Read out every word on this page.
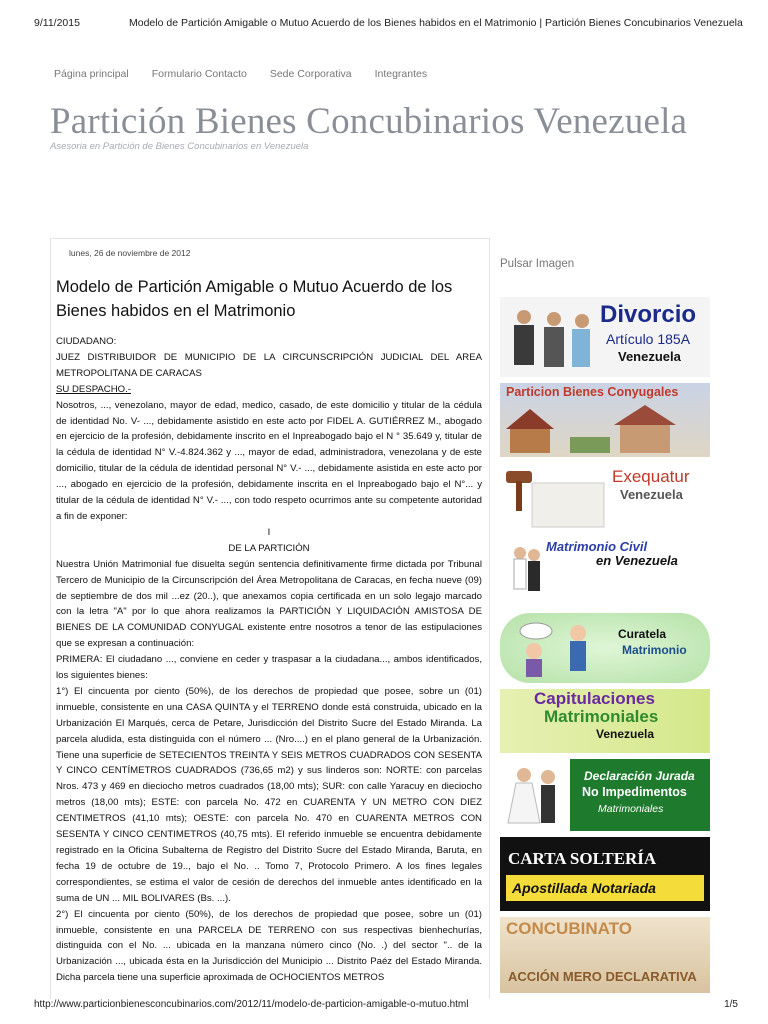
9/11/2015	Modelo de Partición Amigable o Mutuo Acuerdo de los Bienes habidos en el Matrimonio | Partición Bienes Concubinarios Venezuela
Página principal Formulario Contacto Sede Corporativa Integrantes
Partición Bienes Concubinarios Venezuela
Asesoria en Partición de Bienes Concubinarios en Venezuela
lunes, 26 de noviembre de 2012
Modelo de Partición Amigable o Mutuo Acuerdo de los Bienes habidos en el Matrimonio

CIUDADANO:

JUEZ DISTRIBUIDOR DE MUNICIPIO DE LA CIRCUNSCRIPCIÓN JUDICIAL DEL AREA METROPOLITANA DE CARACAS

SU DESPACHO.-

Nosotros, ..., venezolano, mayor de edad, medico, casado, de este domicilio y titular de la cédula de identidad No. V- ..., debidamente asistido en este acto por FIDEL A. GUTIÉRREZ M., abogado en ejercicio de la profesión, debidamente inscrito en el Inpreabogado bajo el N ° 35.649 y, titular de la cédula de identidad N° V.-4.824.362 y ..., mayor de edad, administradora, venezolana y de este domicilio, titular de la cédula de identidad personal N° V.- ..., debidamente asistida en este acto por ..., abogado en ejercicio de la profesión, debidamente inscrita en el Inpreabogado bajo el N°... y titular de la cédula de identidad N° V.- ..., con todo respeto ocurrimos ante su competente autoridad a fin de exponer:

I

DE LA PARTICIÓN

Nuestra Unión Matrimonial fue disuelta según sentencia definitivamente firme dictada por Tribunal Tercero de Municipio de la Circunscripción del Área Metropolitana de Caracas, en fecha nueve (09) de septiembre de dos mil ...ez (20..), que anexamos copia certificada en un solo legajo marcado con la letra "A" por lo que ahora realizamos la PARTICIÓN Y LIQUIDACIÓN AMISTOSA DE BIENES DE LA COMUNIDAD CONYUGAL existente entre nosotros a tenor de las estipulaciones que se expresan a continuación:

PRIMERA: El ciudadano ..., conviene en ceder y traspasar a la ciudadana..., ambos identificados, los siguientes bienes:

1°) El cincuenta por ciento (50%), de los derechos de propiedad que posee, sobre un (01) inmueble, consistente en una CASA QUINTA y el TERRENO donde está construida, ubicado en la Urbanización El Marqués, cerca de Petare, Jurisdicción del Distrito Sucre del Estado Miranda. La parcela aludida, esta distinguida con el número ... (Nro....) en el plano general de la Urbanización. Tiene una superficie de SETECIENTOS TREINTA Y SEIS METROS CUADRADOS CON SESENTA Y CINCO CENTÍMETROS CUADRADOS (736,65 m2) y sus linderos son: NORTE: con parcelas Nros. 473 y 469 en dieciocho metros cuadrados (18,00 mts); SUR: con calle Yaracuy en dieciocho metros (18,00 mts); ESTE: con parcela No. 472 en CUARENTA Y UN METRO CON DIEZ CENTIMETROS (41,10 mts); OESTE: con parcela No. 470 en CUARENTA METROS CON SESENTA Y CINCO CENTIMETROS (40,75 mts). El referido inmueble se encuentra debidamente registrado en la Oficina Subalterna de Registro del Distrito Sucre del Estado Miranda, Baruta, en fecha 19 de octubre de 19.., bajo el No. .. Tomo 7, Protocolo Primero. A los fines legales correspondientes, se estima el valor de cesión de derechos del inmueble antes identificado en la suma de UN ... MIL BOLIVARES (Bs. ...).

2°) El cincuenta por ciento (50%), de los derechos de propiedad que posee, sobre un (01) inmueble, consistente en una PARCELA DE TERRENO con sus respectivas bienhechurías, distinguida con el No. ... ubicada en la manzana número cinco (No. .) del sector ".. de la Urbanización ..., ubicada ésta en la Jurisdicción del Municipio ... Distrito Paéz del Estado Miranda. Dicha parcela tiene una superficie aproximada de OCHOCIENTOS METROS

Pulsar Imagen
Divorcio
Artículo 185A
Venezuela
Particion Bienes Conyugales
Exequatur
Venezuela
Matrimonio Civil
en Venezuela
Curatela
Matrimonio
Capitulaciones
Matrimoniales
Venezuela
Declaración Jurada
No Impedimentos
Matrimoniales
CARTA SOLTERÍA
Apostillada Notariada
CONCUBINATO
ACCIÓN MERO DECLARATIVA
http://www.particionbienesconcubinarios.com/2012/11/modelo-de-particion-amigable-o-mutuo.html	1/5
